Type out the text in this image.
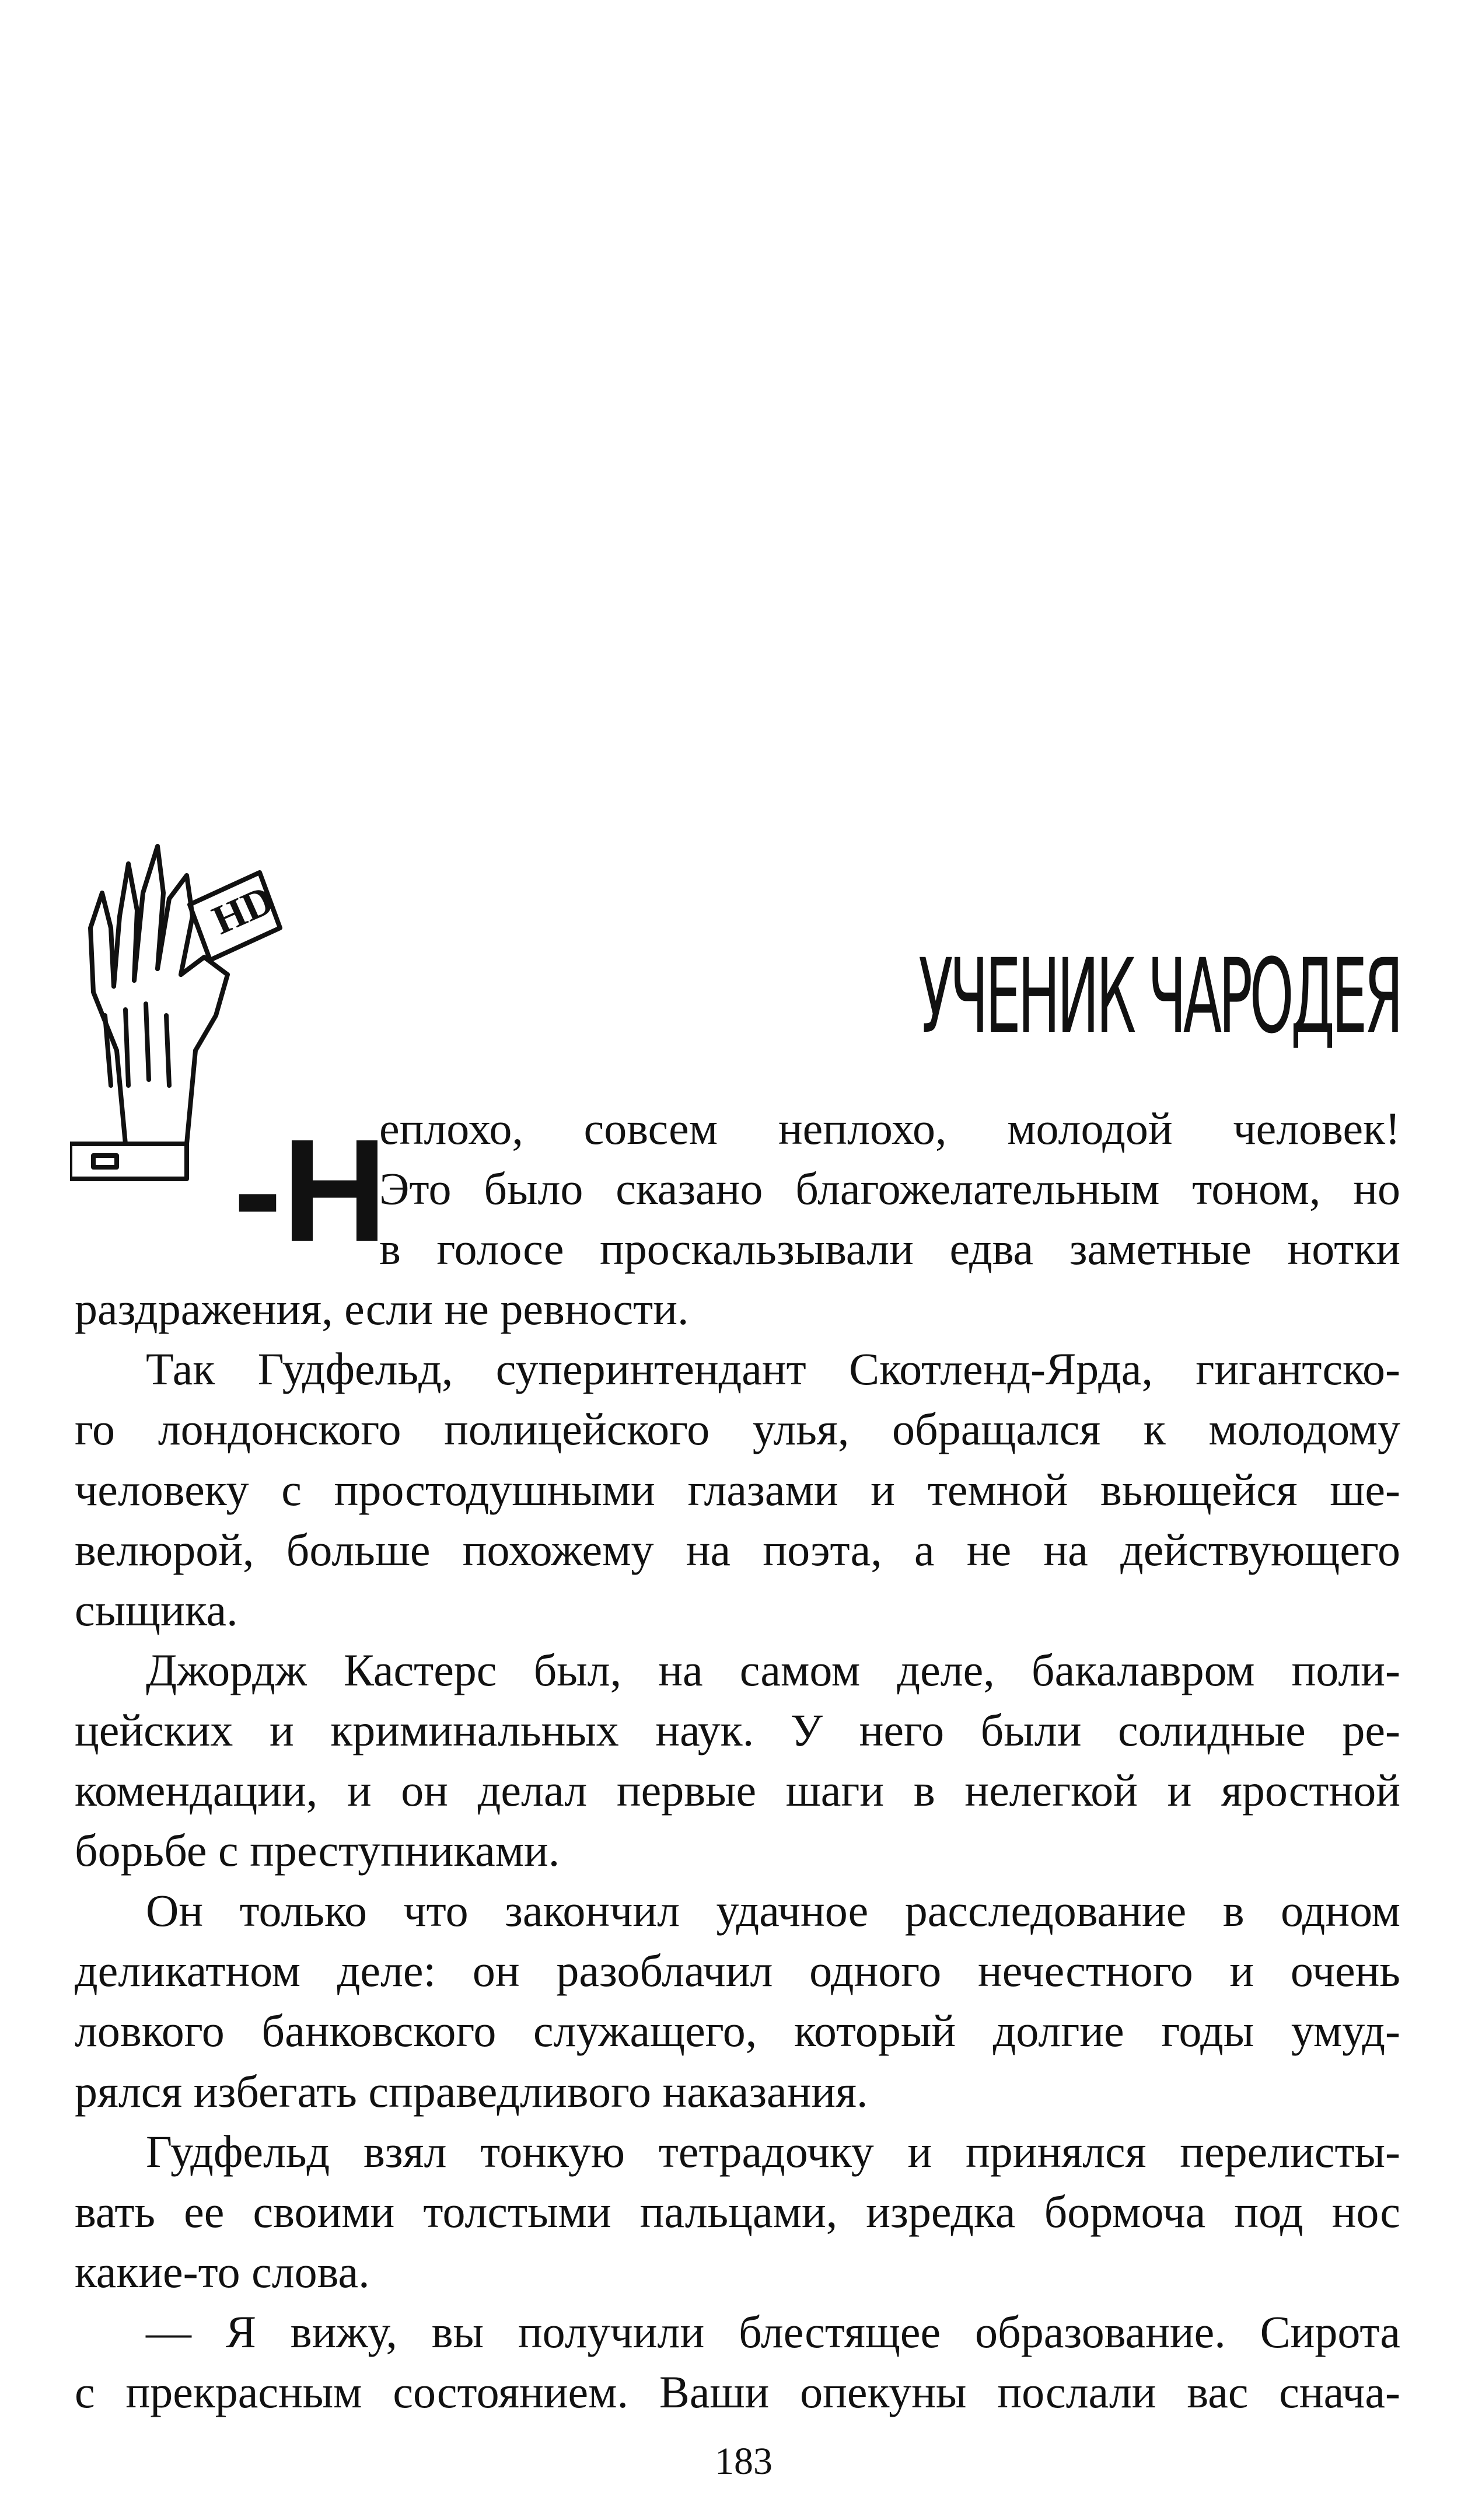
HD
УЧЕНИК ЧАРОДЕЯ
-Н
еплохо, совсем неплохо, молодой человек!
Это было сказано благожелательным тоном, но
в голосе проскальзывали едва заметные нотки
раздражения, если не ревности.
Так Гудфельд, суперинтендант Скотленд-Ярда, гигантско-
го лондонского полицейского улья, обращался к молодому
человеку с простодушными глазами и темной вьющейся ше-
велюрой, больше похожему на поэта, а не на действующего
сыщика.
Джордж Кастерс был, на самом деле, бакалавром поли-
цейских и криминальных наук. У него были солидные ре-
комендации, и он делал первые шаги в нелегкой и яростной
борьбе с преступниками.
Он только что закончил удачное расследование в одном
деликатном деле: он разоблачил одного нечестного и очень
ловкого банковского служащего, который долгие годы умуд-
рялся избегать справедливого наказания.
Гудфельд взял тонкую тетрадочку и принялся перелисты-
вать ее своими толстыми пальцами, изредка бормоча под нос
какие-то слова.
— Я вижу, вы получили блестящее образование. Сирота
с прекрасным состоянием. Ваши опекуны послали вас снача-
183
